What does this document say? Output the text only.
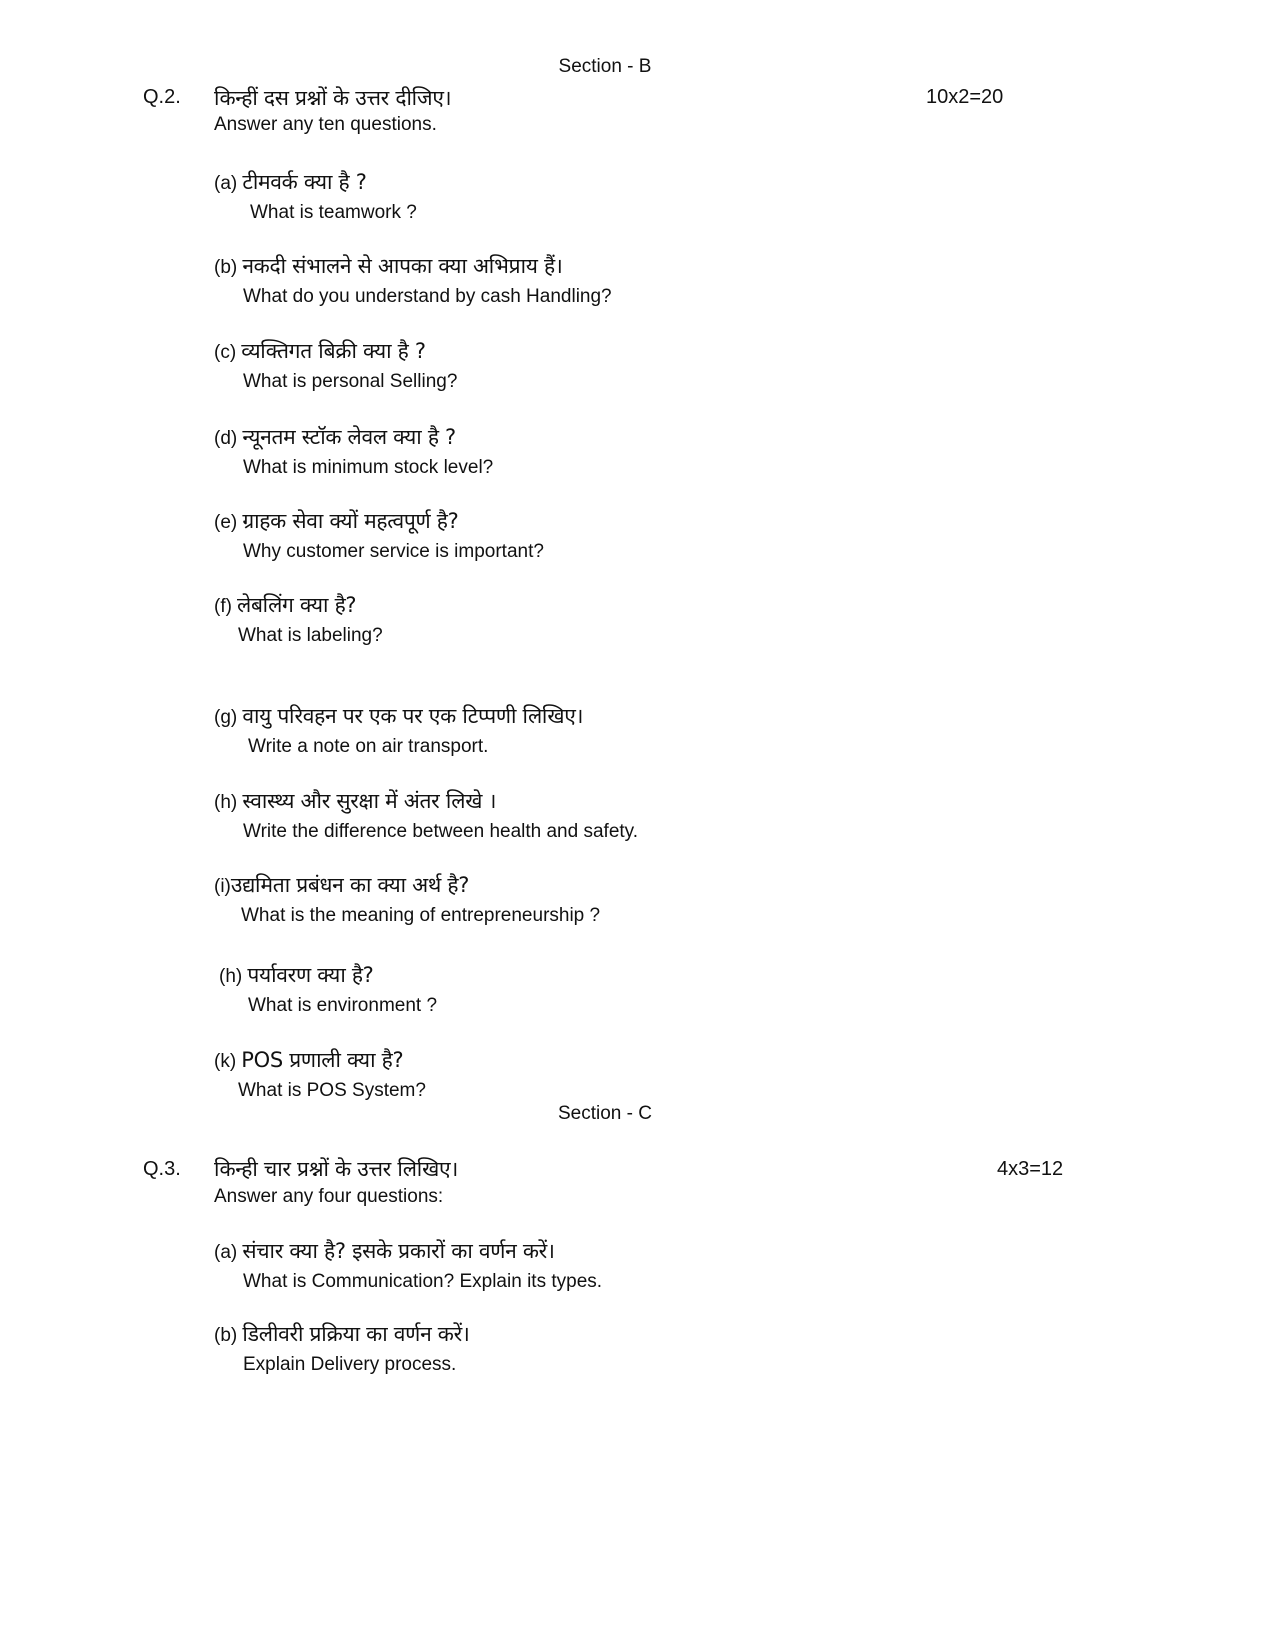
Section - B
Q.2. किन्हीं दस प्रश्नों के उत्तर दीजिए।	10x2=20
Answer any ten questions.
(a) टीमवर्क क्या है ?
What is teamwork ?
(b) नकदी संभालने से आपका क्या अभिप्राय हैं।
What do you understand by cash Handling?
(c) व्यक्तिगत बिक्री क्या है ?
What is personal Selling?
(d) न्यूनतम स्टॉक लेवल क्या है ?
What is minimum stock level?
(e) ग्राहक सेवा क्यों महत्वपूर्ण है?
Why customer service is important?
(f) लेबलिंग क्या है?
What is labeling?
(g) वायु परिवहन पर एक पर एक टिप्पणी लिखिए।
Write a note on air transport.
(h) स्वास्थ्य और सुरक्षा में अंतर लिखे ।
Write the difference between health and safety.
(i)उद्यमिता प्रबंधन का क्या अर्थ है?
What is the meaning of entrepreneurship ?
(h) पर्यावरण क्या है?
What is environment ?
(k) POS प्रणाली क्या है?
What is POS System?
Section - C
Q.3. किन्ही चार प्रश्नों के उत्तर लिखिए।	4x3=12
Answer any four questions:
(a) संचार क्या है? इसके प्रकारों का वर्णन करें।
What is Communication? Explain its types.
(b) डिलीवरी प्रक्रिया का वर्णन करें।
Explain Delivery process.
